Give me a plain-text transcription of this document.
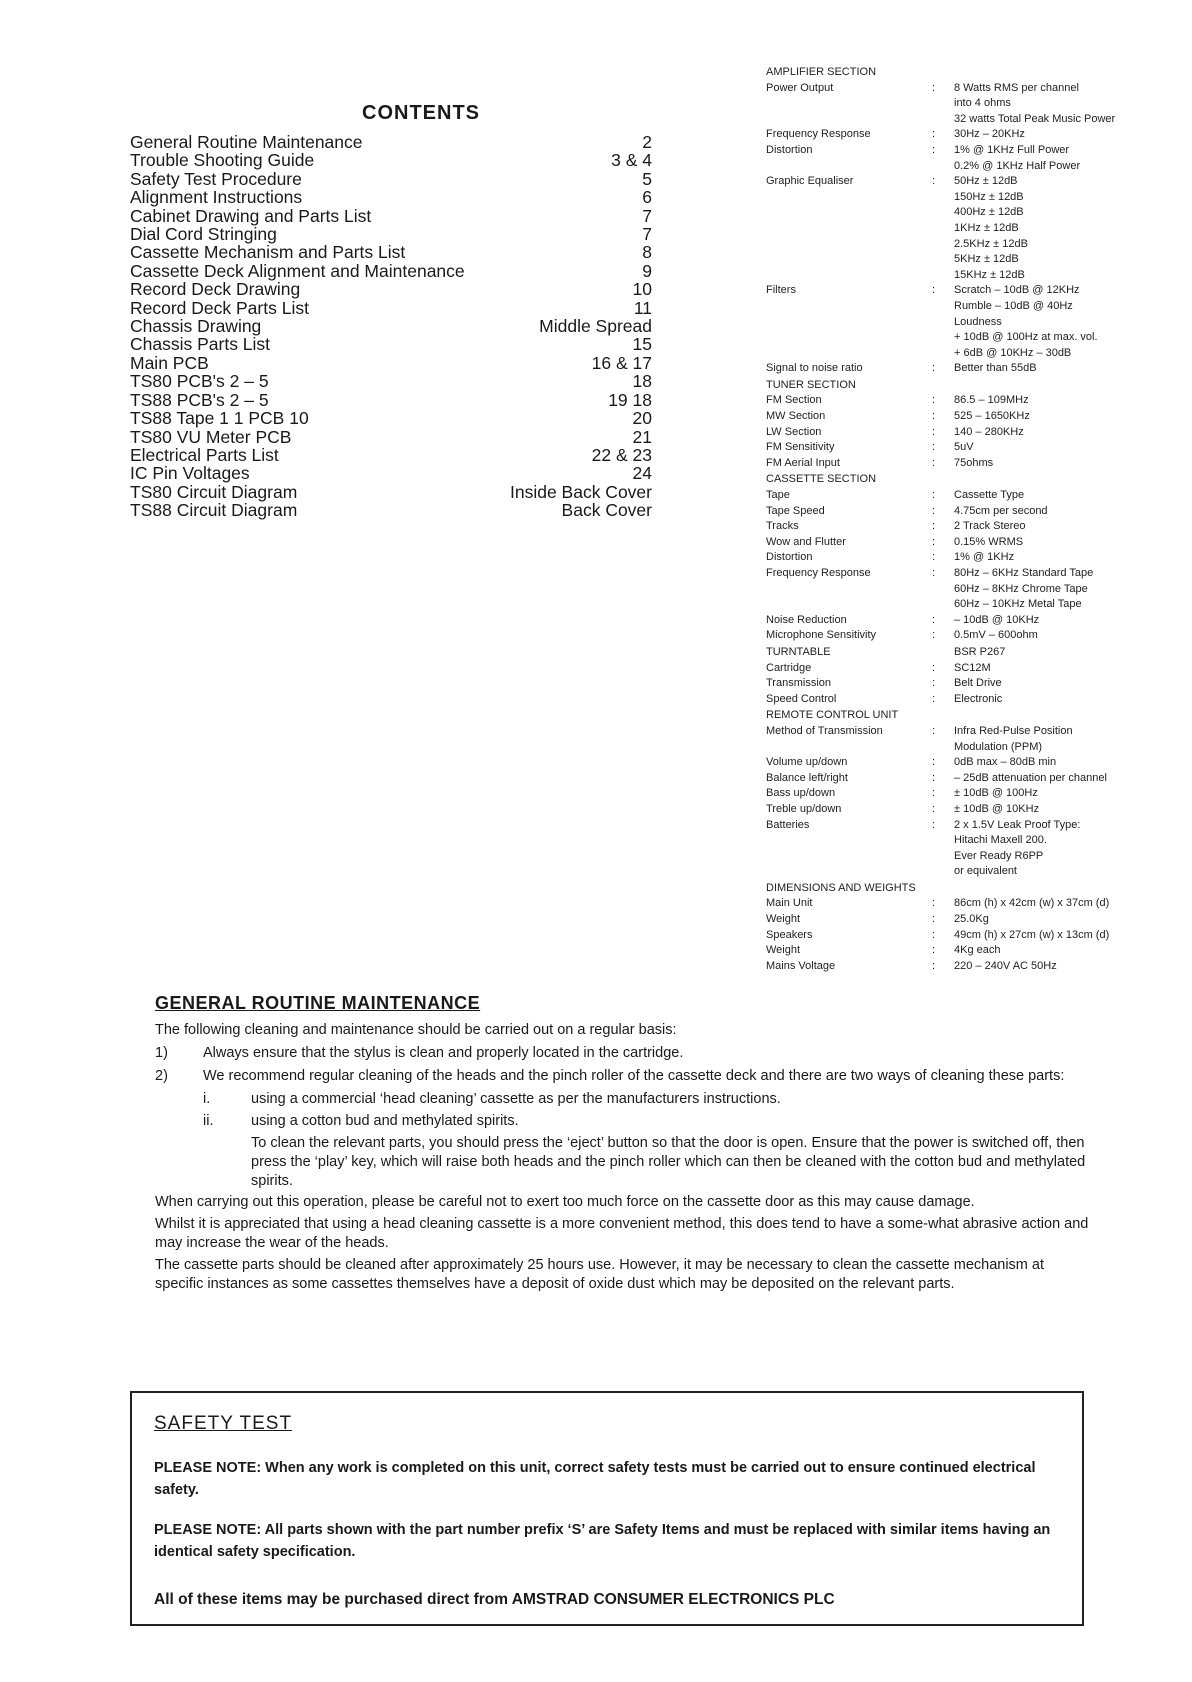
CONTENTS
General Routine Maintenance	2
Trouble Shooting Guide	3 & 4
Safety Test Procedure	5
Alignment Instructions	6
Cabinet Drawing and Parts List	7
Dial Cord Stringing	7
Cassette Mechanism and Parts List	8
Cassette Deck Alignment and Maintenance	9
Record Deck Drawing	10
Record Deck Parts List	11
Chassis Drawing	Middle Spread
Chassis Parts List	15
Main PCB	16 & 17
TS80 PCB's 2 – 5	18
TS88 PCB's 2 – 5	19 18
TS88 Tape 1 1 PCB 10	20
TS80 VU Meter PCB	21
Electrical Parts List	22 & 23
IC Pin Voltages	24
TS80 Circuit Diagram	Inside Back Cover
TS88 Circuit Diagram	Back Cover
AMPLIFIER SECTION
Power Output	:	8 Watts RMS per channel
into 4 ohms
32 watts Total Peak Music Power
Frequency Response	:	30Hz – 20KHz
Distortion	:	1% @ 1KHz Full Power
0.2% @ 1KHz Half Power
Graphic Equaliser	:	50Hz ± 12dB
150Hz ± 12dB
400Hz ± 12dB
1KHz ± 12dB
2.5KHz ± 12dB
5KHz ± 12dB
15KHz ± 12dB
Filters	:	Scratch – 10dB @ 12KHz
Rumble – 10dB @ 40Hz
Loudness
+ 10dB @ 100Hz at max. vol.
+ 6dB @ 10KHz – 30dB
Signal to noise ratio	:	Better than 55dB
TUNER SECTION
FM Section	:	86.5 – 109MHz
MW Section	:	525 – 1650KHz
LW Section	:	140 – 280KHz
FM Sensitivity	:	5uV
FM Aerial Input	:	75ohms
CASSETTE SECTION
Tape	:	Cassette Type
Tape Speed	:	4.75cm per second
Tracks	:	2 Track Stereo
Wow and Flutter	:	0.15% WRMS
Distortion	:	1% @ 1KHz
Frequency Response	:	80Hz – 6KHz Standard Tape
60Hz – 8KHz Chrome Tape
60Hz – 10KHz Metal Tape
Noise Reduction	:	– 10dB @ 10KHz
Microphone Sensitivity	:	0.5mV – 600ohm
TURNTABLE	BSR P267
Cartridge	:	SC12M
Transmission	:	Belt Drive
Speed Control	:	Electronic
REMOTE CONTROL UNIT
Method of Transmission	:	Infra Red-Pulse Position
Modulation (PPM)
Volume up/down	:	0dB max – 80dB min
Balance left/right	:	– 25dB attenuation per channel
Bass up/down	:	± 10dB @ 100Hz
Treble up/down	:	± 10dB @ 10KHz
Batteries	:	2 x 1.5V Leak Proof Type:
Hitachi Maxell 200.
Ever Ready R6PP
or equivalent
DIMENSIONS AND WEIGHTS
Main Unit	:	86cm (h) x 42cm (w) x 37cm (d)
Weight	:	25.0Kg
Speakers	:	49cm (h) x 27cm (w) x 13cm (d)
Weight	:	4Kg each
Mains Voltage	:	220 – 240V AC 50Hz
GENERAL ROUTINE MAINTENANCE

The following cleaning and maintenance should be carried out on a regular basis:

1)	Always ensure that the stylus is clean and properly located in the cartridge.
2)	We recommend regular cleaning of the heads and the pinch roller of the cassette deck and there are two ways of cleaning these parts:
i.	using a commercial ‘head cleaning’ cassette as per the manufacturers instructions.
ii.	using a cotton bud and methylated spirits.

To clean the relevant parts, you should press the ‘eject’ button so that the door is open. Ensure that the power is switched off, then press the ‘play’ key, which will raise both heads and the pinch roller which can then be cleaned with the cotton bud and methylated spirits.

When carrying out this operation, please be careful not to exert too much force on the cassette door as this may cause damage.

Whilst it is appreciated that using a head cleaning cassette is a more convenient method, this does tend to have a some-what abrasive action and may increase the wear of the heads.

The cassette parts should be cleaned after approximately 25 hours use. However, it may be necessary to clean the cassette mechanism at specific instances as some cassettes themselves have a deposit of oxide dust which may be deposited on the relevant parts.

SAFETY TEST

PLEASE NOTE: When any work is completed on this unit, correct safety tests must be carried out to ensure continued electrical safety.

PLEASE NOTE: All parts shown with the part number prefix ‘S’ are Safety Items and must be replaced with similar items having an identical safety specification.

All of these items may be purchased direct from AMSTRAD CONSUMER ELECTRONICS PLC
